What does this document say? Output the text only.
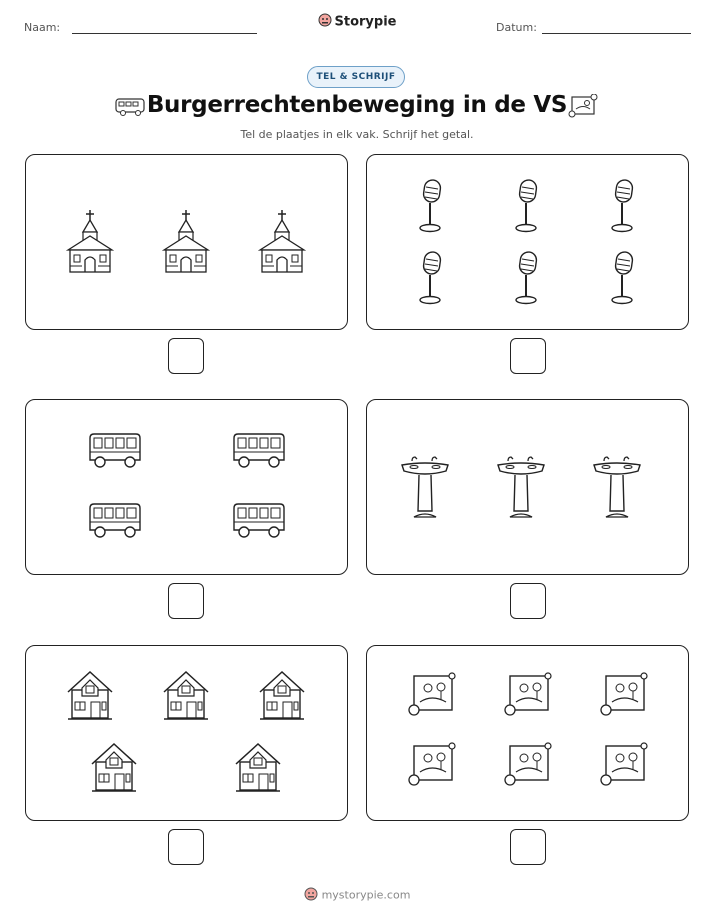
Naam:	Storypie	Datum:
TEL & SCHRIJF
Burgerrechtenbeweging in de VS
Tel de plaatjes in elk vak. Schrijf het getal.
mystorypie.com
